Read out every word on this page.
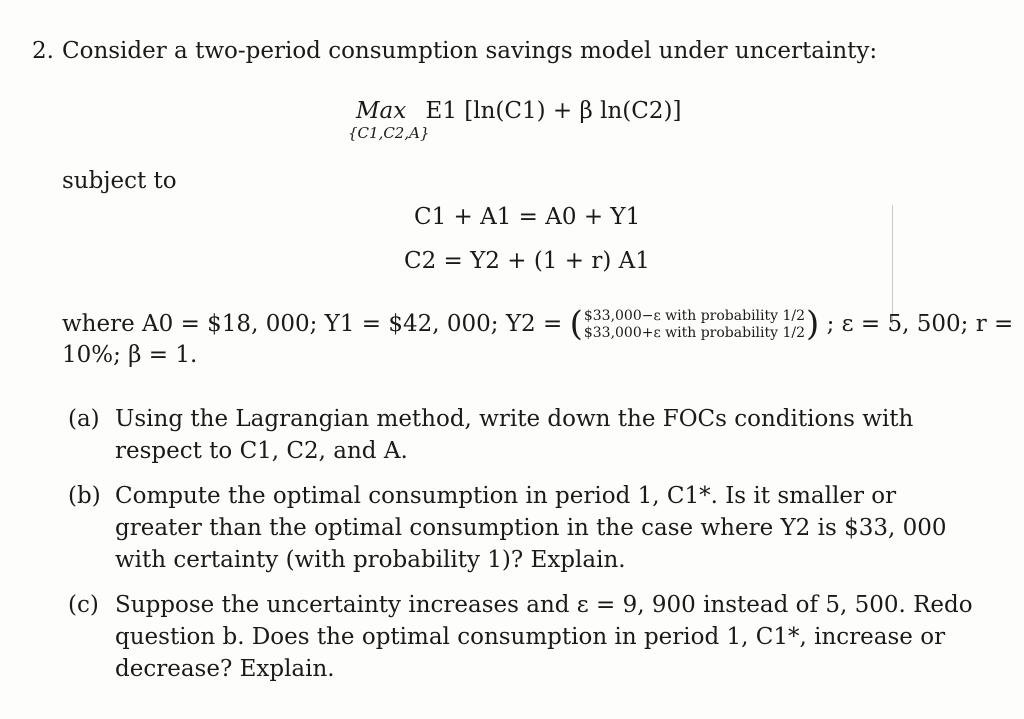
2. Consider a two-period consumption savings model under uncertainty:
Max E1 [ln(C1) + β ln(C2)]
{C1,C2,A}
subject to
C1 + A1 = A0 + Y1
C2 = Y2 + (1 + r) A1
where A0 = $18, 000; Y1 = $42, 000; Y2 = ($33,000−ε with probability 1/2
$33,000+ε with probability 1/2) ; ε = 5, 500; r =
10%; β = 1.
(a) Using the Lagrangian method, write down the FOCs conditions with respect to C1, C2, and A.
(b) Compute the optimal consumption in period 1, C1*. Is it smaller or greater than the optimal consumption in the case where Y2 is $33, 000 with certainty (with probability 1)? Explain.
(c) Suppose the uncertainty increases and ε = 9, 900 instead of 5, 500. Redo question b. Does the optimal consumption in period 1, C1*, increase or decrease? Explain.
